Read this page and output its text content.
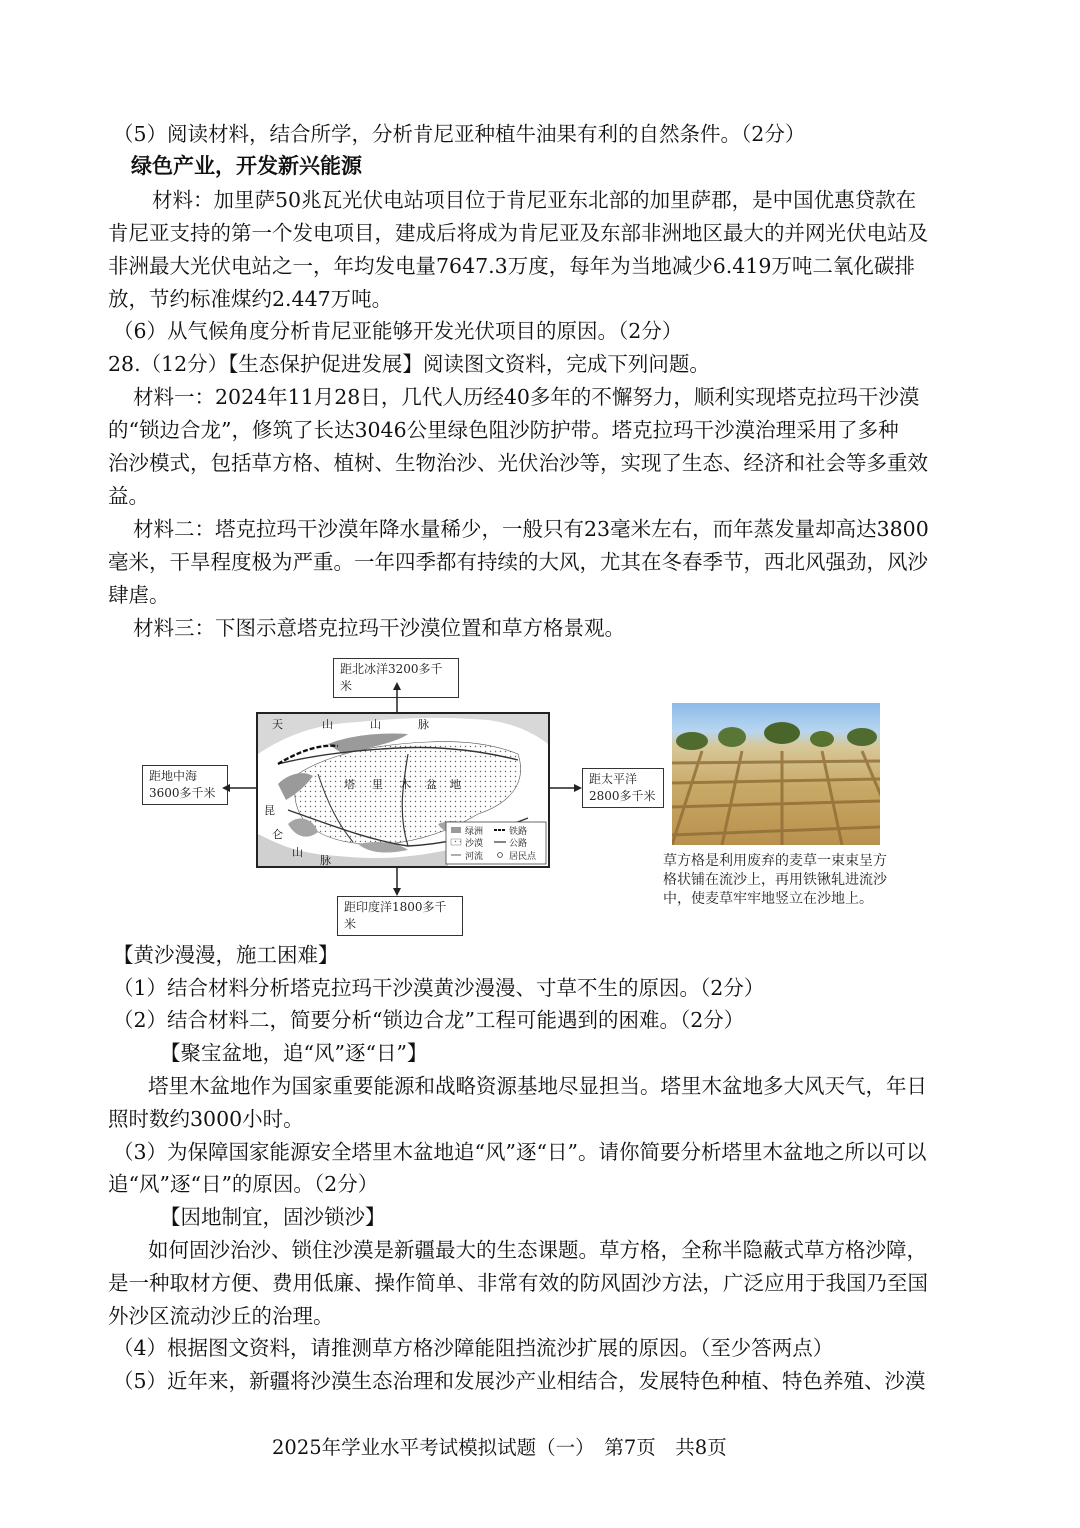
（5）阅读材料，结合所学，分析肯尼亚种植牛油果有利的自然条件。（2分）
绿色产业，开发新兴能源
材料：加里萨50兆瓦光伏电站项目位于肯尼亚东北部的加里萨郡，是中国优惠贷款在
肯尼亚支持的第一个发电项目，建成后将成为肯尼亚及东部非洲地区最大的并网光伏电站及
非洲最大光伏电站之一，年均发电量7647.3万度，每年为当地减少6.419万吨二氧化碳排
放，节约标准煤约2.447万吨。
（6）从气候角度分析肯尼亚能够开发光伏项目的原因。（2分）
28.（12分）【生态保护促进发展】阅读图文资料，完成下列问题。
材料一：2024年11月28日，几代人历经40多年的不懈努力，顺利实现塔克拉玛干沙漠
的“锁边合龙”，修筑了长达3046公里绿色阻沙防护带。塔克拉玛干沙漠治理采用了多种
治沙模式，包括草方格、植树、生物治沙、光伏治沙等，实现了生态、经济和社会等多重效
益。
材料二：塔克拉玛干沙漠年降水量稀少，一般只有23毫米左右，而年蒸发量却高达3800
毫米，干旱程度极为严重。一年四季都有持续的大风，尤其在冬春季节，西北风强劲，风沙
肆虐。
材料三：下图示意塔克拉玛干沙漠位置和草方格景观。
距北冰洋3200多千米
距地中海
3600多千米
距太平洋
2800多千米
距印度洋1800多千米
天	山	山	脉
塔 里 木 盆 地
昆
仑
山
脉
绿洲	铁路
沙漠	公路
河流	居民点	草方格是利用废弃的麦草一束束呈方格状铺在流沙上，再用铁锹轧进流沙中，使麦草牢牢地竖立在沙地上。
【黄沙漫漫，施工困难】
（1）结合材料分析塔克拉玛干沙漠黄沙漫漫、寸草不生的原因。（2分）
（2）结合材料二，简要分析“锁边合龙”工程可能遇到的困难。（2分）
【聚宝盆地，追“风”逐“日”】
塔里木盆地作为国家重要能源和战略资源基地尽显担当。塔里木盆地多大风天气，年日
照时数约3000小时。
（3）为保障国家能源安全塔里木盆地追“风”逐“日”。请你简要分析塔里木盆地之所以可以
追“风”逐“日”的原因。（2分）
【因地制宜，固沙锁沙】
如何固沙治沙、锁住沙漠是新疆最大的生态课题。草方格，全称半隐蔽式草方格沙障，
是一种取材方便、费用低廉、操作简单、非常有效的防风固沙方法，广泛应用于我国乃至国
外沙区流动沙丘的治理。
（4）根据图文资料，请推测草方格沙障能阻挡流沙扩展的原因。（至少答两点）
（5）近年来，新疆将沙漠生态治理和发展沙产业相结合，发展特色种植、特色养殖、沙漠
2025年学业水平考试模拟试题（一）　第7页　共8页
